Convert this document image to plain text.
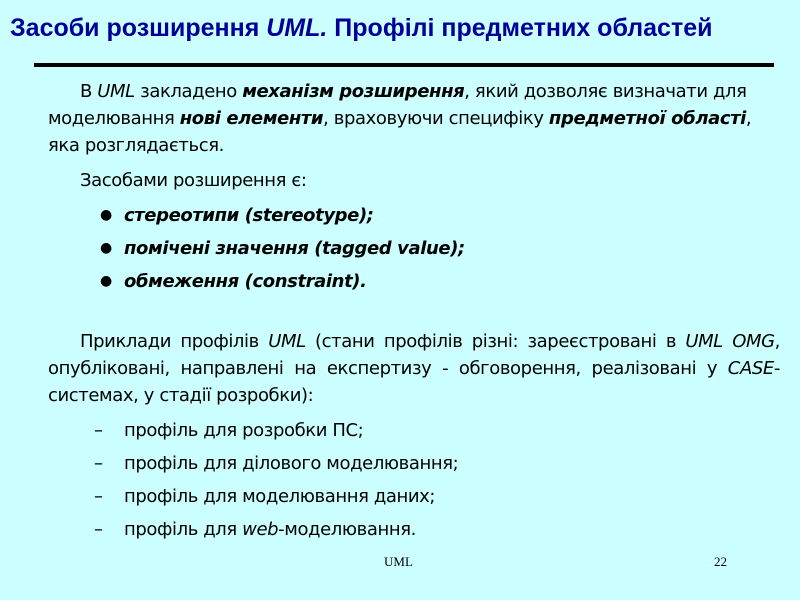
Засоби розширення UML. Профілі предметних областей

В UML закладено механізм розширення, який дозволяє визначати для моделювання нові елементи, враховуючи специфіку предметної області, яка розглядається.

Засобами розширення є:

● стереотипи (stereotype);
● помічені значення (tagged value);
● обмеження (constraint).

Приклади профілів UML (стани профілів різні: зареєстровані в UML OMG, опубліковані, направлені на експертизу - обговорення, реалізовані у CASE-системах, у стадії розробки):

– профіль для розробки ПС;
– профіль для ділового моделювання;
– профіль для моделювання даних;
– профіль для web-моделювання.
UML	22
